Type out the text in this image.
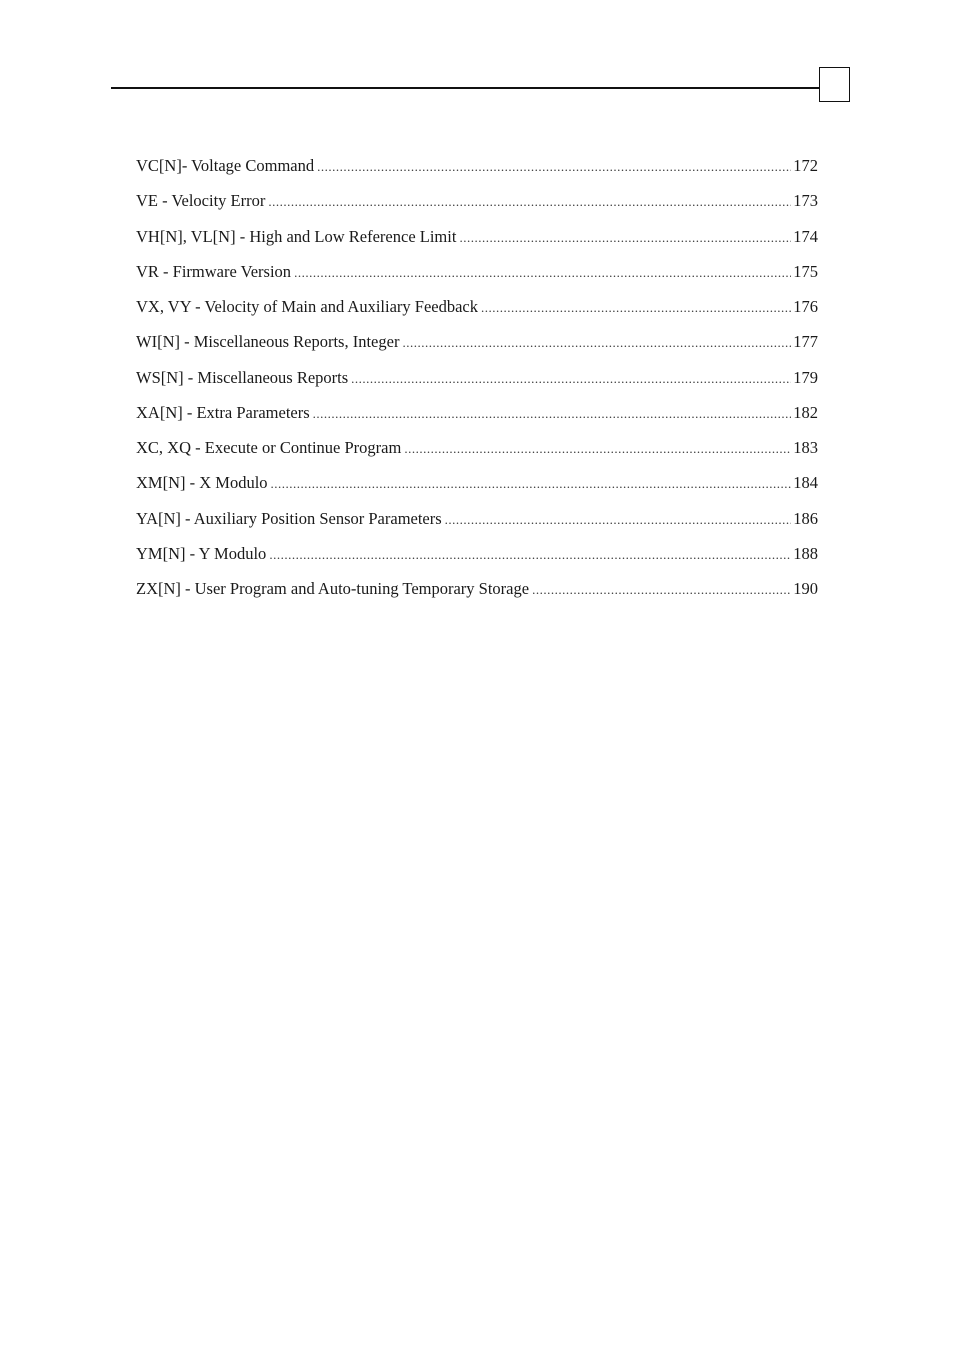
VC[N]- Voltage Command .....	172
VE - Velocity Error .....	173
VH[N], VL[N] - High and Low Reference Limit .....	174
VR - Firmware Version .....	175
VX, VY - Velocity of Main and Auxiliary Feedback .....	176
WI[N] - Miscellaneous Reports, Integer .....	177
WS[N] - Miscellaneous Reports .....	179
XA[N] - Extra Parameters .....	182
XC, XQ - Execute or Continue Program .....	183
XM[N] - X Modulo .....	184
YA[N] - Auxiliary Position Sensor Parameters .....	186
YM[N] - Y Modulo .....	188
ZX[N] - User Program and Auto-tuning Temporary Storage .....	190
